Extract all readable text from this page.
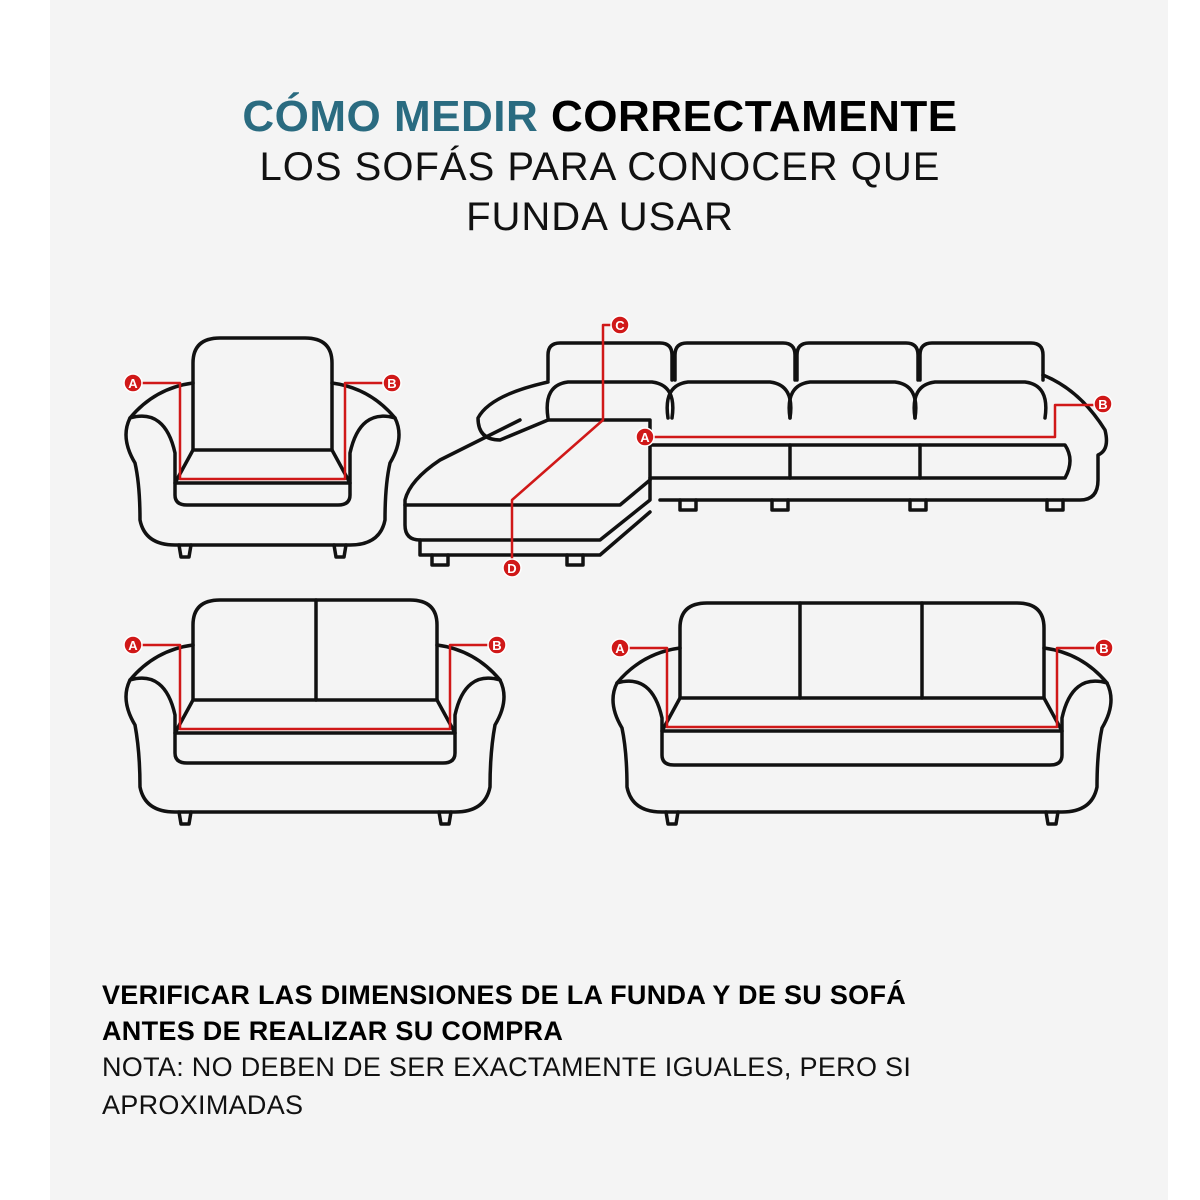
CÓMO MEDIR CORRECTAMENTE
LOS SOFÁS PARA CONOCER QUE
FUNDA USAR
A	B
A	B	A	B
A
B
C
D
VERIFICAR LAS DIMENSIONES DE LA FUNDA Y DE SU SOFÁ
ANTES DE REALIZAR SU COMPRA
NOTA: NO DEBEN DE SER EXACTAMENTE IGUALES, PERO SI
APROXIMADAS
